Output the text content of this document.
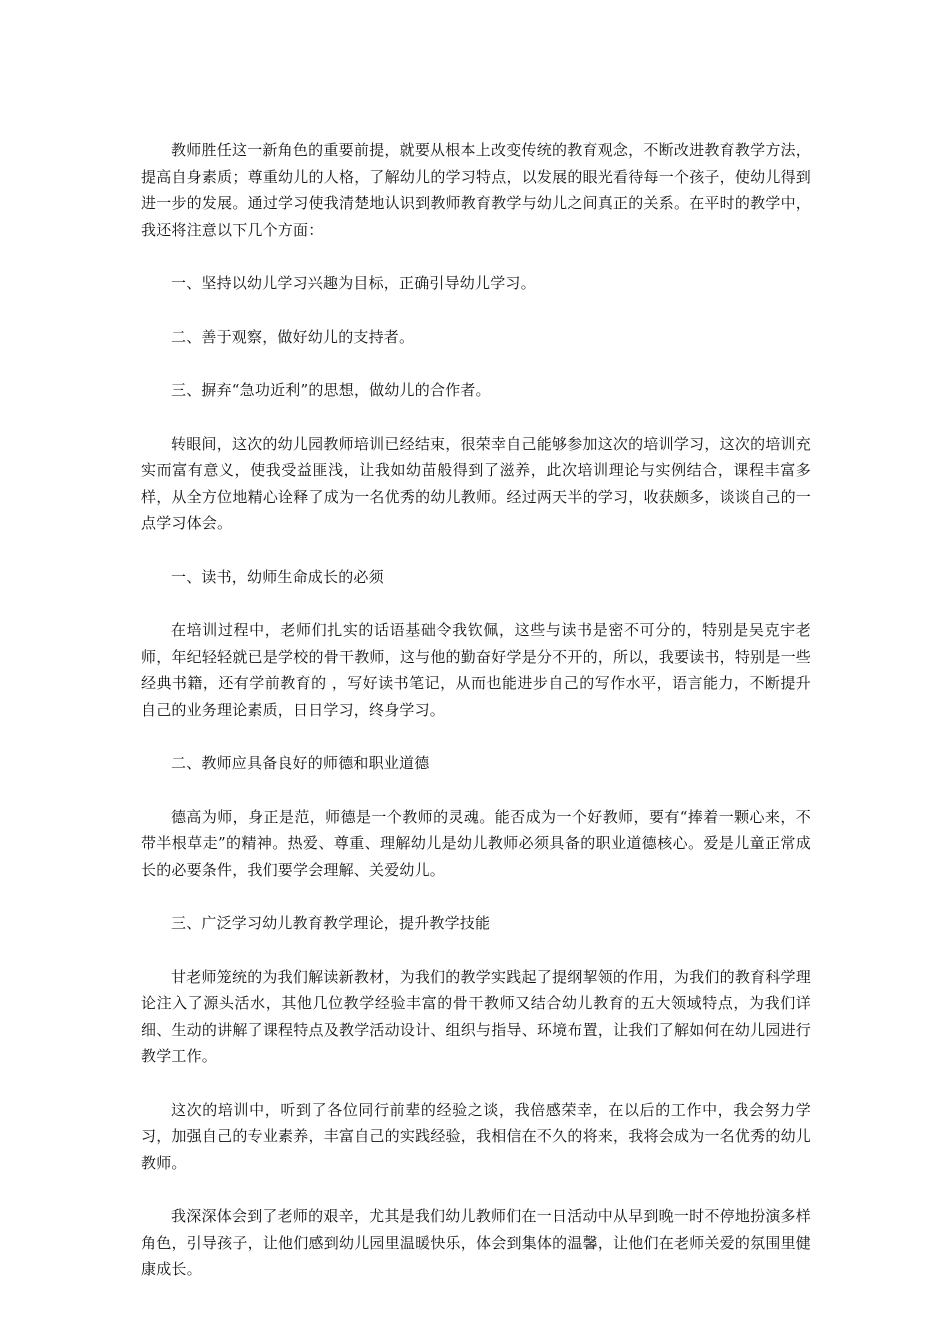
教师胜任这一新角色的重要前提，就要从根本上改变传统的教育观念，不断改进教育教学方法，提高自身素质；尊重幼儿的人格，了解幼儿的学习特点，以发展的眼光看待每一个孩子，使幼儿得到进一步的发展。通过学习使我清楚地认识到教师教育教学与幼儿之间真正的关系。在平时的教学中，我还将注意以下几个方面：

一、坚持以幼儿学习兴趣为目标，正确引导幼儿学习。

二、善于观察，做好幼儿的支持者。

三、摒弃“急功近利”的思想，做幼儿的合作者。

转眼间，这次的幼儿园教师培训已经结束，很荣幸自己能够参加这次的培训学习，这次的培训充实而富有意义，使我受益匪浅，让我如幼苗般得到了滋养，此次培训理论与实例结合，课程丰富多样，从全方位地精心诠释了成为一名优秀的幼儿教师。经过两天半的学习，收获颇多，谈谈自己的一点学习体会。

一、读书，幼师生命成长的必须

在培训过程中，老师们扎实的话语基础令我钦佩，这些与读书是密不可分的，特别是吴克宇老师，年纪轻轻就已是学校的骨干教师，这与他的勤奋好学是分不开的，所以，我要读书，特别是一些经典书籍，还有学前教育的 ，写好读书笔记，从而也能进步自己的写作水平，语言能力，不断提升自己的业务理论素质，日日学习，终身学习。

二、教师应具备良好的师德和职业道德

德高为师，身正是范，师德是一个教师的灵魂。能否成为一个好教师，要有“捧着一颗心来，不带半根草走”的精神。热爱、尊重、理解幼儿是幼儿教师必须具备的职业道德核心。爱是儿童正常成长的必要条件，我们要学会理解、关爱幼儿。

三、广泛学习幼儿教育教学理论，提升教学技能

甘老师笼统的为我们解读新教材，为我们的教学实践起了提纲挈领的作用，为我们的教育科学理论注入了源头活水，其他几位教学经验丰富的骨干教师又结合幼儿教育的五大领域特点，为我们详细、生动的讲解了课程特点及教学活动设计、组织与指导、环境布置，让我们了解如何在幼儿园进行教学工作。

这次的培训中，听到了各位同行前辈的经验之谈，我倍感荣幸，在以后的工作中，我会努力学习，加强自己的专业素养，丰富自己的实践经验，我相信在不久的将来，我将会成为一名优秀的幼儿教师。

我深深体会到了老师的艰辛，尤其是我们幼儿教师们在一日活动中从早到晚一时不停地扮演多样角色，引导孩子，让他们感到幼儿园里温暖快乐，体会到集体的温馨，让他们在老师关爱的氛围里健康成长。
